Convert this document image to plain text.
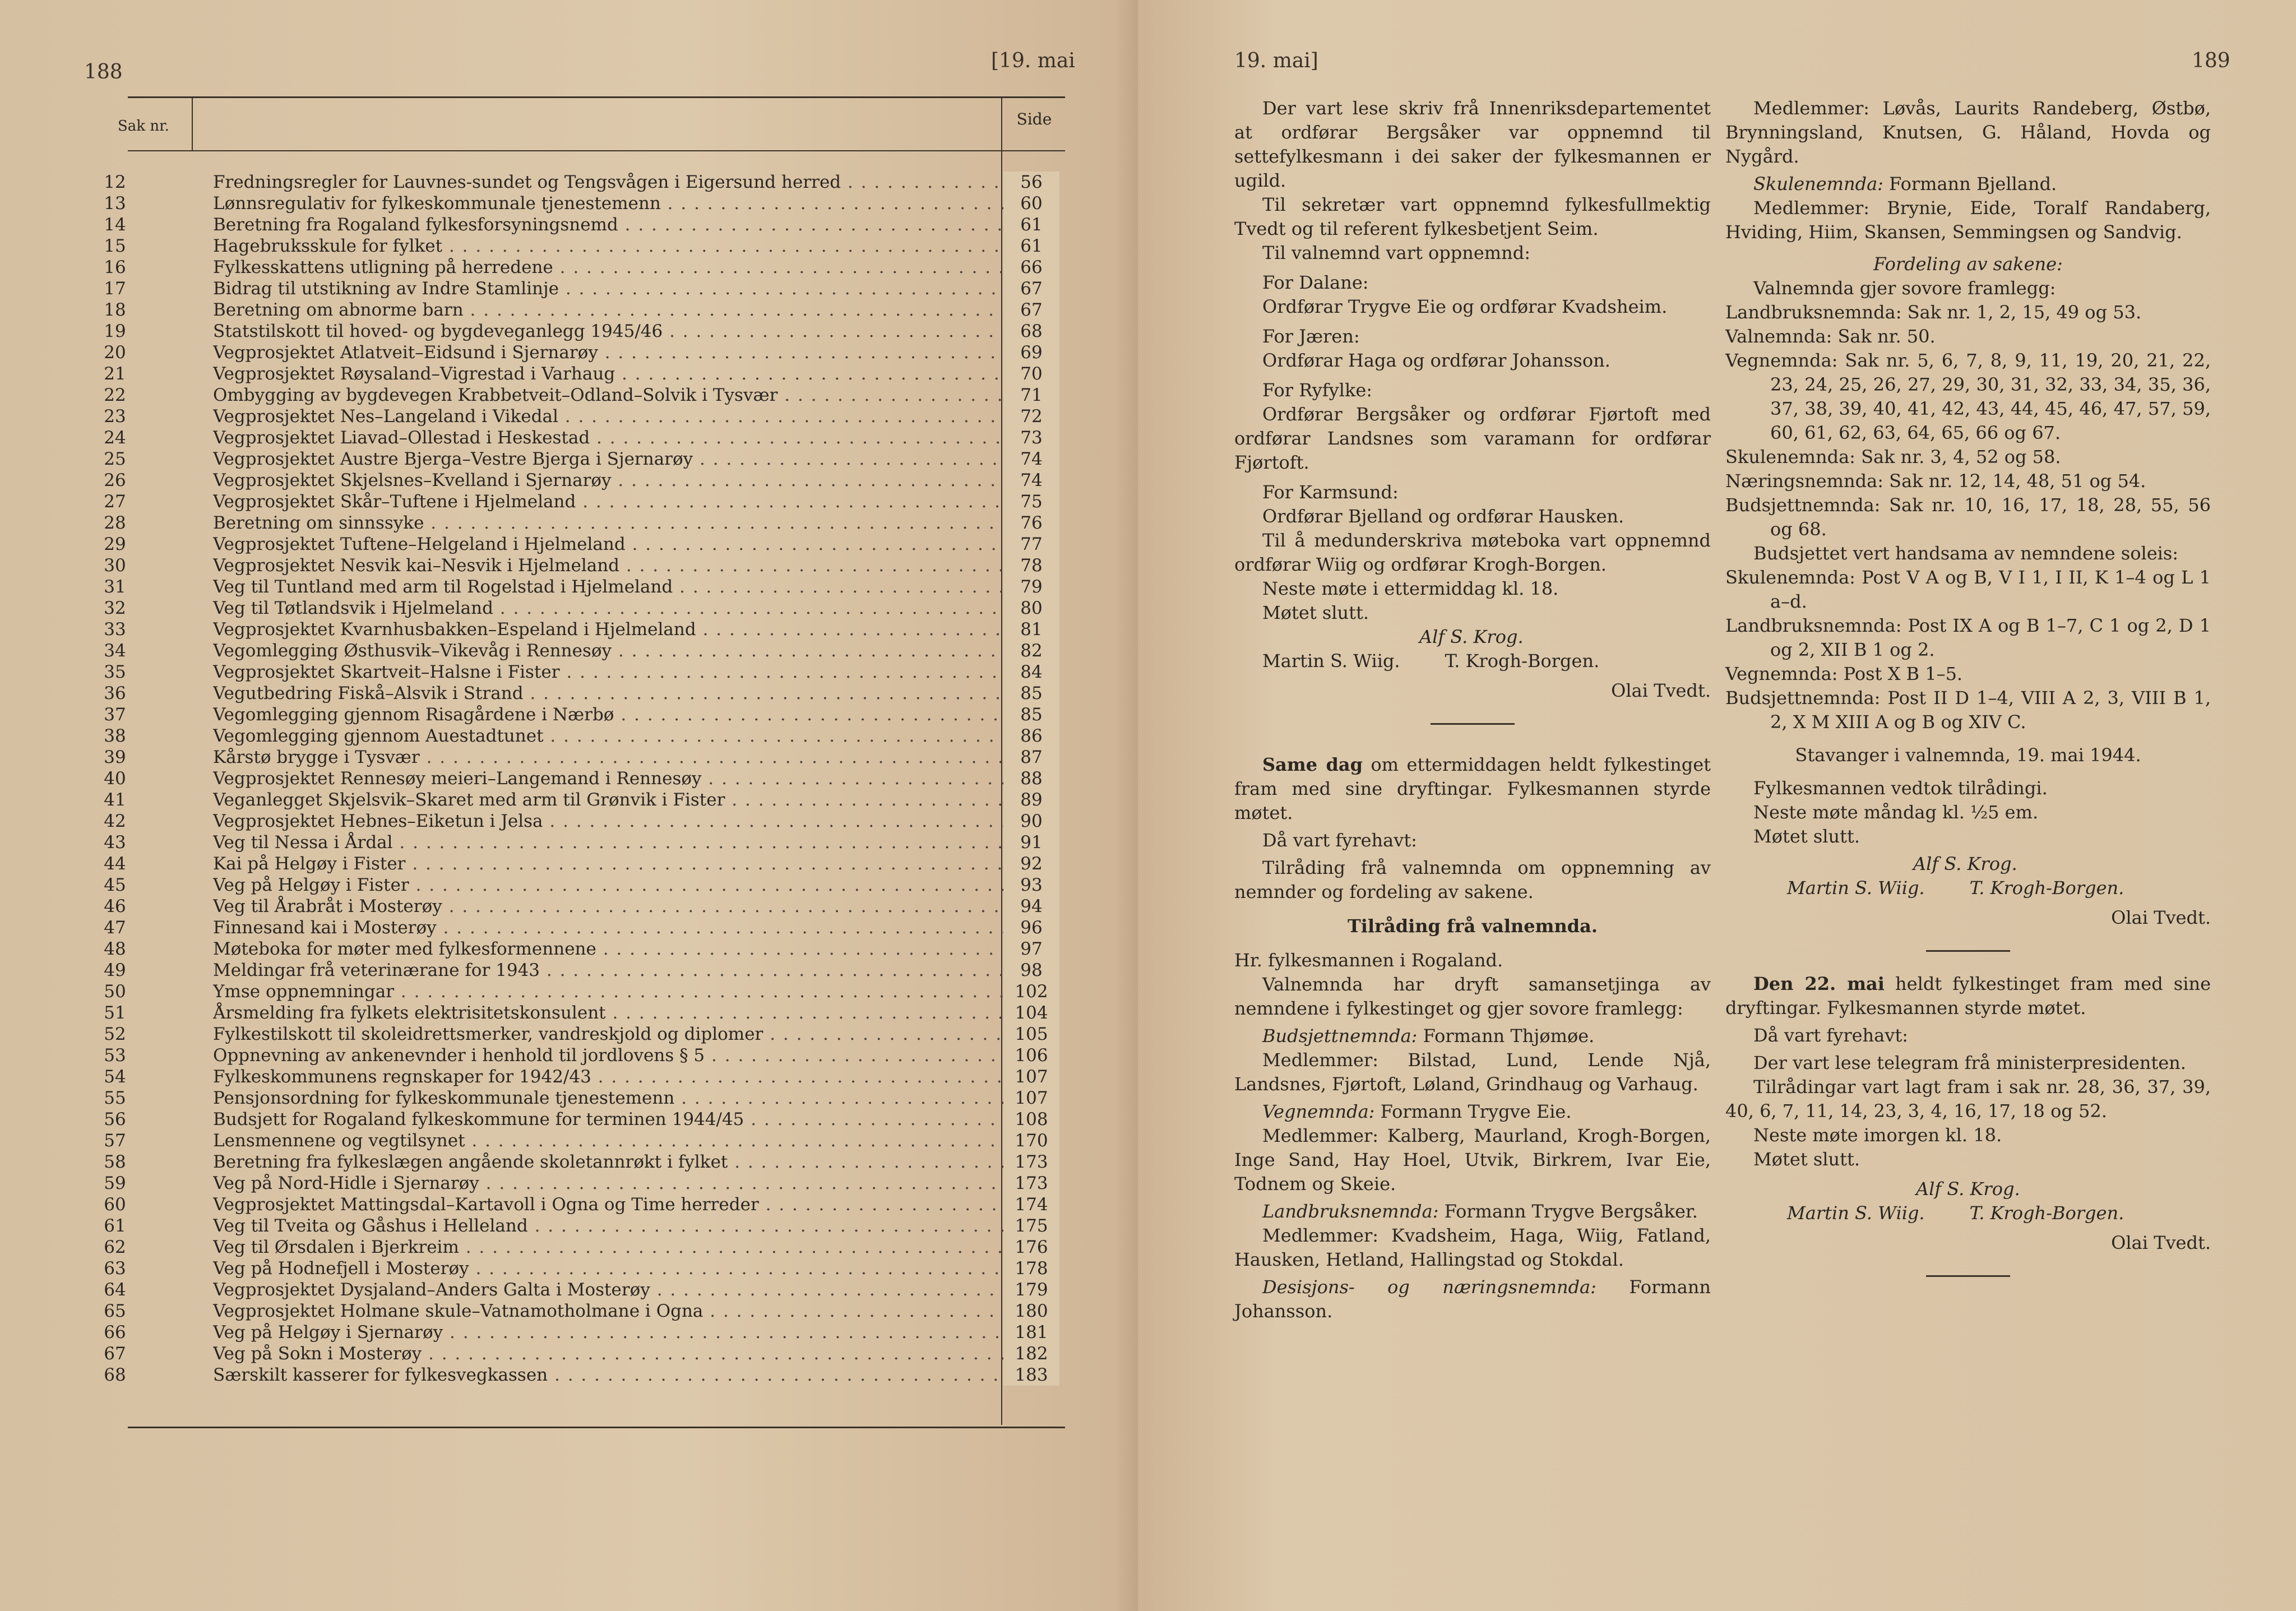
188	[19. mai
Sak nr.	Side
12	Fredningsregler for Lauvnes-sundet og Tengsvågen i Eigersund herred . . .	56
13	Lønnsregulativ for fylkeskommunale tjenestemenn . . .	60
14	Beretning fra Rogaland fylkesforsyningsnemd . . .	61
15	Hagebruksskule for fylket . . .	61
16	Fylkesskattens utligning på herredene . . .	66
17	Bidrag til utstikning av Indre Stamlinje . . .	67
18	Beretning om abnorme barn . . .	67
19	Statstilskott til hoved- og bygdeveganlegg 1945/46 . . .	68
20	Vegprosjektet Atlatveit–Eidsund i Sjernarøy . . .	69
21	Vegprosjektet Røysaland–Vigrestad i Varhaug . . .	70
22	Ombygging av bygdevegen Krabbetveit–Odland–Solvik i Tysvær . . .	71
23	Vegprosjektet Nes–Langeland i Vikedal . . .	72
24	Vegprosjektet Liavad–Ollestad i Heskestad . . .	73
25	Vegprosjektet Austre Bjerga–Vestre Bjerga i Sjernarøy . . .	74
26	Vegprosjektet Skjelsnes–Kvelland i Sjernarøy . . .	74
27	Vegprosjektet Skår–Tuftene i Hjelmeland . . .	75
28	Beretning om sinnssyke . . .	76
29	Vegprosjektet Tuftene–Helgeland i Hjelmeland . . .	77
30	Vegprosjektet Nesvik kai–Nesvik i Hjelmeland . . .	78
31	Veg til Tuntland med arm til Rogelstad i Hjelmeland . . .	79
32	Veg til Tøtlandsvik i Hjelmeland . . .	80
33	Vegprosjektet Kvarnhusbakken–Espeland i Hjelmeland . . .	81
34	Vegomlegging Østhusvik–Vikevåg i Rennesøy . . .	82
35	Vegprosjektet Skartveit–Halsne i Fister . . .	84
36	Vegutbedring Fiskå–Alsvik i Strand . . .	85
37	Vegomlegging gjennom Risagårdene i Nærbø . . .	85
38	Vegomlegging gjennom Auestadtunet . . .	86
39	Kårstø brygge i Tysvær . . .	87
40	Vegprosjektet Rennesøy meieri–Langemand i Rennesøy . . .	88
41	Veganlegget Skjelsvik–Skaret med arm til Grønvik i Fister . . .	89
42	Vegprosjektet Hebnes–Eiketun i Jelsa . . .	90
43	Veg til Nessa i Årdal . . .	91
44	Kai på Helgøy i Fister . . .	92
45	Veg på Helgøy i Fister . . .	93
46	Veg til Årabråt i Mosterøy . . .	94
47	Finnesand kai i Mosterøy . . .	96
48	Møteboka for møter med fylkesformennene . . .	97
49	Meldingar frå veterinærane for 1943 . . .	98
50	Ymse oppnemningar . . .	102
51	Årsmelding fra fylkets elektrisitetskonsulent . . .	104
52	Fylkestilskott til skoleidrettsmerker, vandreskjold og diplomer . . .	105
53	Oppnevning av ankenevnder i henhold til jordlovens § 5 . . .	106
54	Fylkeskommunens regnskaper for 1942/43 . . .	107
55	Pensjonsordning for fylkeskommunale tjenestemenn . . .	107
56	Budsjett for Rogaland fylkeskommune for terminen 1944/45 . . .	108
57	Lensmennene og vegtilsynet . . .	170
58	Beretning fra fylkeslægen angående skoletannrøkt i fylket . . .	173
59	Veg på Nord-Hidle i Sjernarøy . . .	173
60	Vegprosjektet Mattingsdal–Kartavoll i Ogna og Time herreder . . .	174
61	Veg til Tveita og Gåshus i Helleland . . .	175
62	Veg til Ørsdalen i Bjerkreim . . .	176
63	Veg på Hodnefjell i Mosterøy . . .	178
64	Vegprosjektet Dysjaland–Anders Galta i Mosterøy . . .	179
65	Vegprosjektet Holmane skule–Vatnamotholmane i Ogna . . .	180
66	Veg på Helgøy i Sjernarøy . . .	181
67	Veg på Sokn i Mosterøy . . .	182
68	Særskilt kasserer for fylkesvegkassen . . .	183
19. mai]	189

Der vart lese skriv frå Innenriksdepartementet at ordførar Bergsåker var oppnemnd til settefylkesmann i dei saker der fylkesmannen er ugild.

Til sekretær vart oppnemnd fylkesfullmektig Tvedt og til referent fylkesbetjent Seim.

Til valnemnd vart oppnemnd:

For Dalane:

Ordførar Trygve Eie og ordførar Kvadsheim.

For Jæren:

Ordførar Haga og ordførar Johansson.

For Ryfylke:

Ordførar Bergsåker og ordførar Fjørtoft med ordførar Landsnes som varamann for ordførar Fjørtoft.

For Karmsund:

Ordførar Bjelland og ordførar Hausken.

Til å medunderskriva møteboka vart oppnemnd ordførar Wiig og ordførar Krogh-Borgen.

Neste møte i ettermiddag kl. 18.

Møtet slutt.

Alf S. Krog.

Martin S. Wiig.	T. Krogh-Borgen.

Olai Tvedt.

Same dag om ettermiddagen heldt fylkestinget fram med sine dryftingar. Fylkesmannen styrde møtet.

Då vart fyrehavt:

Tilråding frå valnemnda om oppnemning av nemnder og fordeling av sakene.

Tilråding frå valnemnda.

Hr. fylkesmannen i Rogaland.

Valnemnda har dryft samansetjinga av nemndene i fylkestinget og gjer sovore framlegg:

Budsjettnemnda: Formann Thjømøe.

Medlemmer: Bilstad, Lund, Lende Njå, Landsnes, Fjørtoft, Løland, Grindhaug og Varhaug.

Vegnemnda: Formann Trygve Eie.

Medlemmer: Kalberg, Maurland, Krogh-Borgen, Inge Sand, Hay Hoel, Utvik, Birkrem, Ivar Eie, Todnem og Skeie.

Landbruksnemnda: Formann Trygve Bergsåker.

Medlemmer: Kvadsheim, Haga, Wiig, Fatland, Hausken, Hetland, Hallingstad og Stokdal.

Desisjons- og næringsnemnda: Formann Johansson.

Medlemmer: Løvås, Laurits Randeberg, Østbø, Brynningsland, Knutsen, G. Håland, Hovda og Nygård.

Skulenemnda: Formann Bjelland.

Medlemmer: Brynie, Eide, Toralf Randaberg, Hviding, Hiim, Skansen, Semmingsen og Sandvig.

Fordeling av sakene:

Valnemnda gjer sovore framlegg:

Landbruksnemnda: Sak nr. 1, 2, 15, 49 og 53.

Valnemnda: Sak nr. 50.

Vegnemnda: Sak nr. 5, 6, 7, 8, 9, 11, 19, 20, 21, 22, 23, 24, 25, 26, 27, 29, 30, 31, 32, 33, 34, 35, 36, 37, 38, 39, 40, 41, 42, 43, 44, 45, 46, 47, 57, 59, 60, 61, 62, 63, 64, 65, 66 og 67.

Skulenemnda: Sak nr. 3, 4, 52 og 58.

Næringsnemnda: Sak nr. 12, 14, 48, 51 og 54.

Budsjettnemnda: Sak nr. 10, 16, 17, 18, 28, 55, 56 og 68.

Budsjettet vert handsama av nemndene soleis:

Skulenemnda: Post V A og B, V I 1, I II, K 1–4 og L 1 a–d.

Landbruksnemnda: Post IX A og B 1–7, C 1 og 2, D 1 og 2, XII B 1 og 2.

Vegnemnda: Post X B 1–5.

Budsjettnemnda: Post II D 1–4, VIII A 2, 3, VIII B 1, 2, X M XIII A og B og XIV C.

Stavanger i valnemnda, 19. mai 1944.

Fylkesmannen vedtok tilrådingi.

Neste møte måndag kl. ½5 em.

Møtet slutt.

Alf S. Krog.

Martin S. Wiig.	T. Krogh-Borgen.

Olai Tvedt.

Den 22. mai heldt fylkestinget fram med sine dryftingar. Fylkesmannen styrde møtet.

Då vart fyrehavt:

Der vart lese telegram frå ministerpresidenten.

Tilrådingar vart lagt fram i sak nr. 28, 36, 37, 39, 40, 6, 7, 11, 14, 23, 3, 4, 16, 17, 18 og 52.

Neste møte imorgen kl. 18.

Møtet slutt.

Alf S. Krog.

Martin S. Wiig.	T. Krogh-Borgen.

Olai Tvedt.
